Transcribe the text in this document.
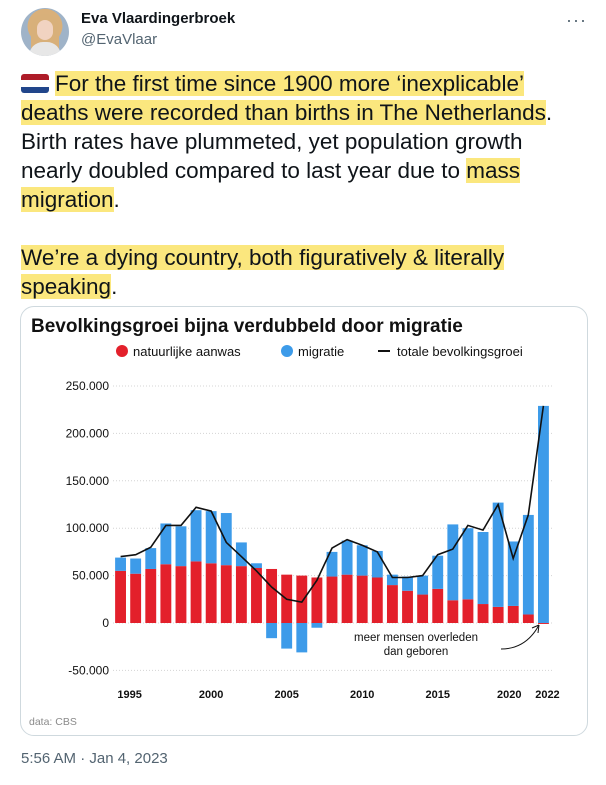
Eva Vlaardingerbroek
@EvaVlaar
···

For the first time since 1900 more ‘inexplicable’ deaths were recorded than births in The Netherlands. Birth rates have plummeted, yet population growth nearly doubled compared to last year due to mass migration.

We’re a dying country, both figuratively & literally speaking.

Bevolkingsgroei bijna verdubbeld door migratie
natuurlijke aanwas	migratie	totale bevolkingsgroei
250.000
200.000
150.000
100.000
50.000
0
-50.000
1995	2000	2005	2010	2015	2020 2022
meer mensen overleden
dan geboren
data: CBS
5:56 AM · Jan 4, 2023
